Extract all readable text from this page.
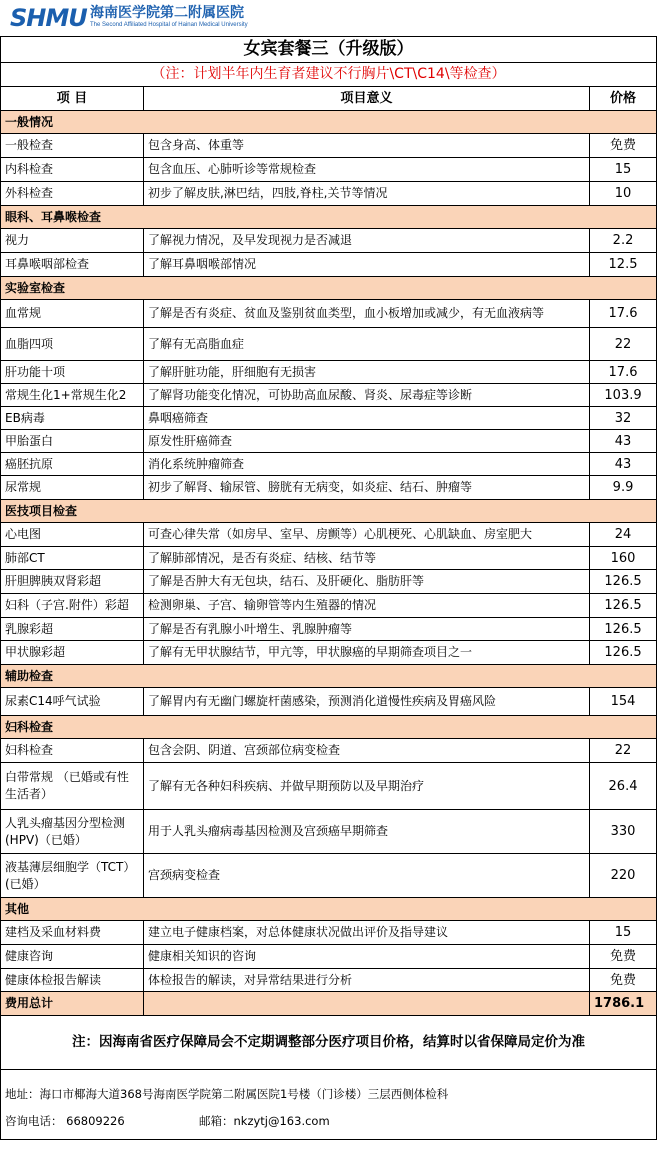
SHMU 海南医学院第二附属医院
The Second Affiliated Hospital of Hainan Medical University
女宾套餐三（升级版）		
（注：计划半年内生育者建议不行胸片\CT\C14\等检查）		
项 目	项目意义	价格
一般情况		
一般检查	包含身高、体重等	免费
内科检查	包含血压、心肺听诊等常规检查	15
外科检查	初步了解皮肤,淋巴结，四肢,脊柱,关节等情况	10
眼科、耳鼻喉检查		
视力	了解视力情况，及早发现视力是否减退	2.2
耳鼻喉咽部检查	了解耳鼻咽喉部情况	12.5
实验室检查		
血常规	了解是否有炎症、贫血及鉴别贫血类型，血小板增加或减少，有无血液病等	17.6
血脂四项	了解有无高脂血症	22
肝功能十项	了解肝脏功能，肝细胞有无损害	17.6
常规生化1+常规生化2	了解肾功能变化情况，可协助高血尿酸、肾炎、尿毒症等诊断	103.9
EB病毒	鼻咽癌筛查	32
甲胎蛋白	原发性肝癌筛查	43
癌胚抗原	消化系统肿瘤筛查	43
尿常规	初步了解肾、输尿管、膀胱有无病变，如炎症、结石、肿瘤等	9.9
医技项目检查		
心电图	可查心律失常（如房早、室早、房颤等）心肌梗死、心肌缺血、房室肥大	24
肺部CT	了解肺部情况，是否有炎症、结核、结节等	160
肝胆脾胰双肾彩超	了解是否肿大有无包块，结石、及肝硬化、脂肪肝等	126.5
妇科（子宫.附件）彩超	检测卵巢、子宫、输卵管等内生殖器的情况	126.5
乳腺彩超	了解是否有乳腺小叶增生、乳腺肿瘤等	126.5
甲状腺彩超	了解有无甲状腺结节，甲亢等，甲状腺癌的早期筛查项目之一	126.5
辅助检查		
尿素C14呼气试验	了解胃内有无幽门螺旋杆菌感染，预测消化道慢性疾病及胃癌风险	154
妇科检查		
妇科检查	包含会阴、阴道、宫颈部位病变检查	22
白带常规 （已婚或有性生活者）	了解有无各种妇科疾病、并做早期预防以及早期治疗	26.4
人乳头瘤基因分型检测(HPV)（已婚）	用于人乳头瘤病毒基因检测及宫颈癌早期筛查	330
液基薄层细胞学（TCT）(已婚）	宫颈病变检查	220
其他		
建档及采血材料费	建立电子健康档案，对总体健康状况做出评价及指导建议	15
健康咨询	健康相关知识的咨询	免费
健康体检报告解读	体检报告的解读，对异常结果进行分析	免费
费用总计		1786.1
注：因海南省医疗保障局会不定期调整部分医疗项目价格，结算时以省保障局定价为准		

地址：海口市椰海大道368号海南医学院第二附属医院1号楼（门诊楼）三层西侧体检科
咨询电话： 66809226 邮箱：nkzytj@163.com		
